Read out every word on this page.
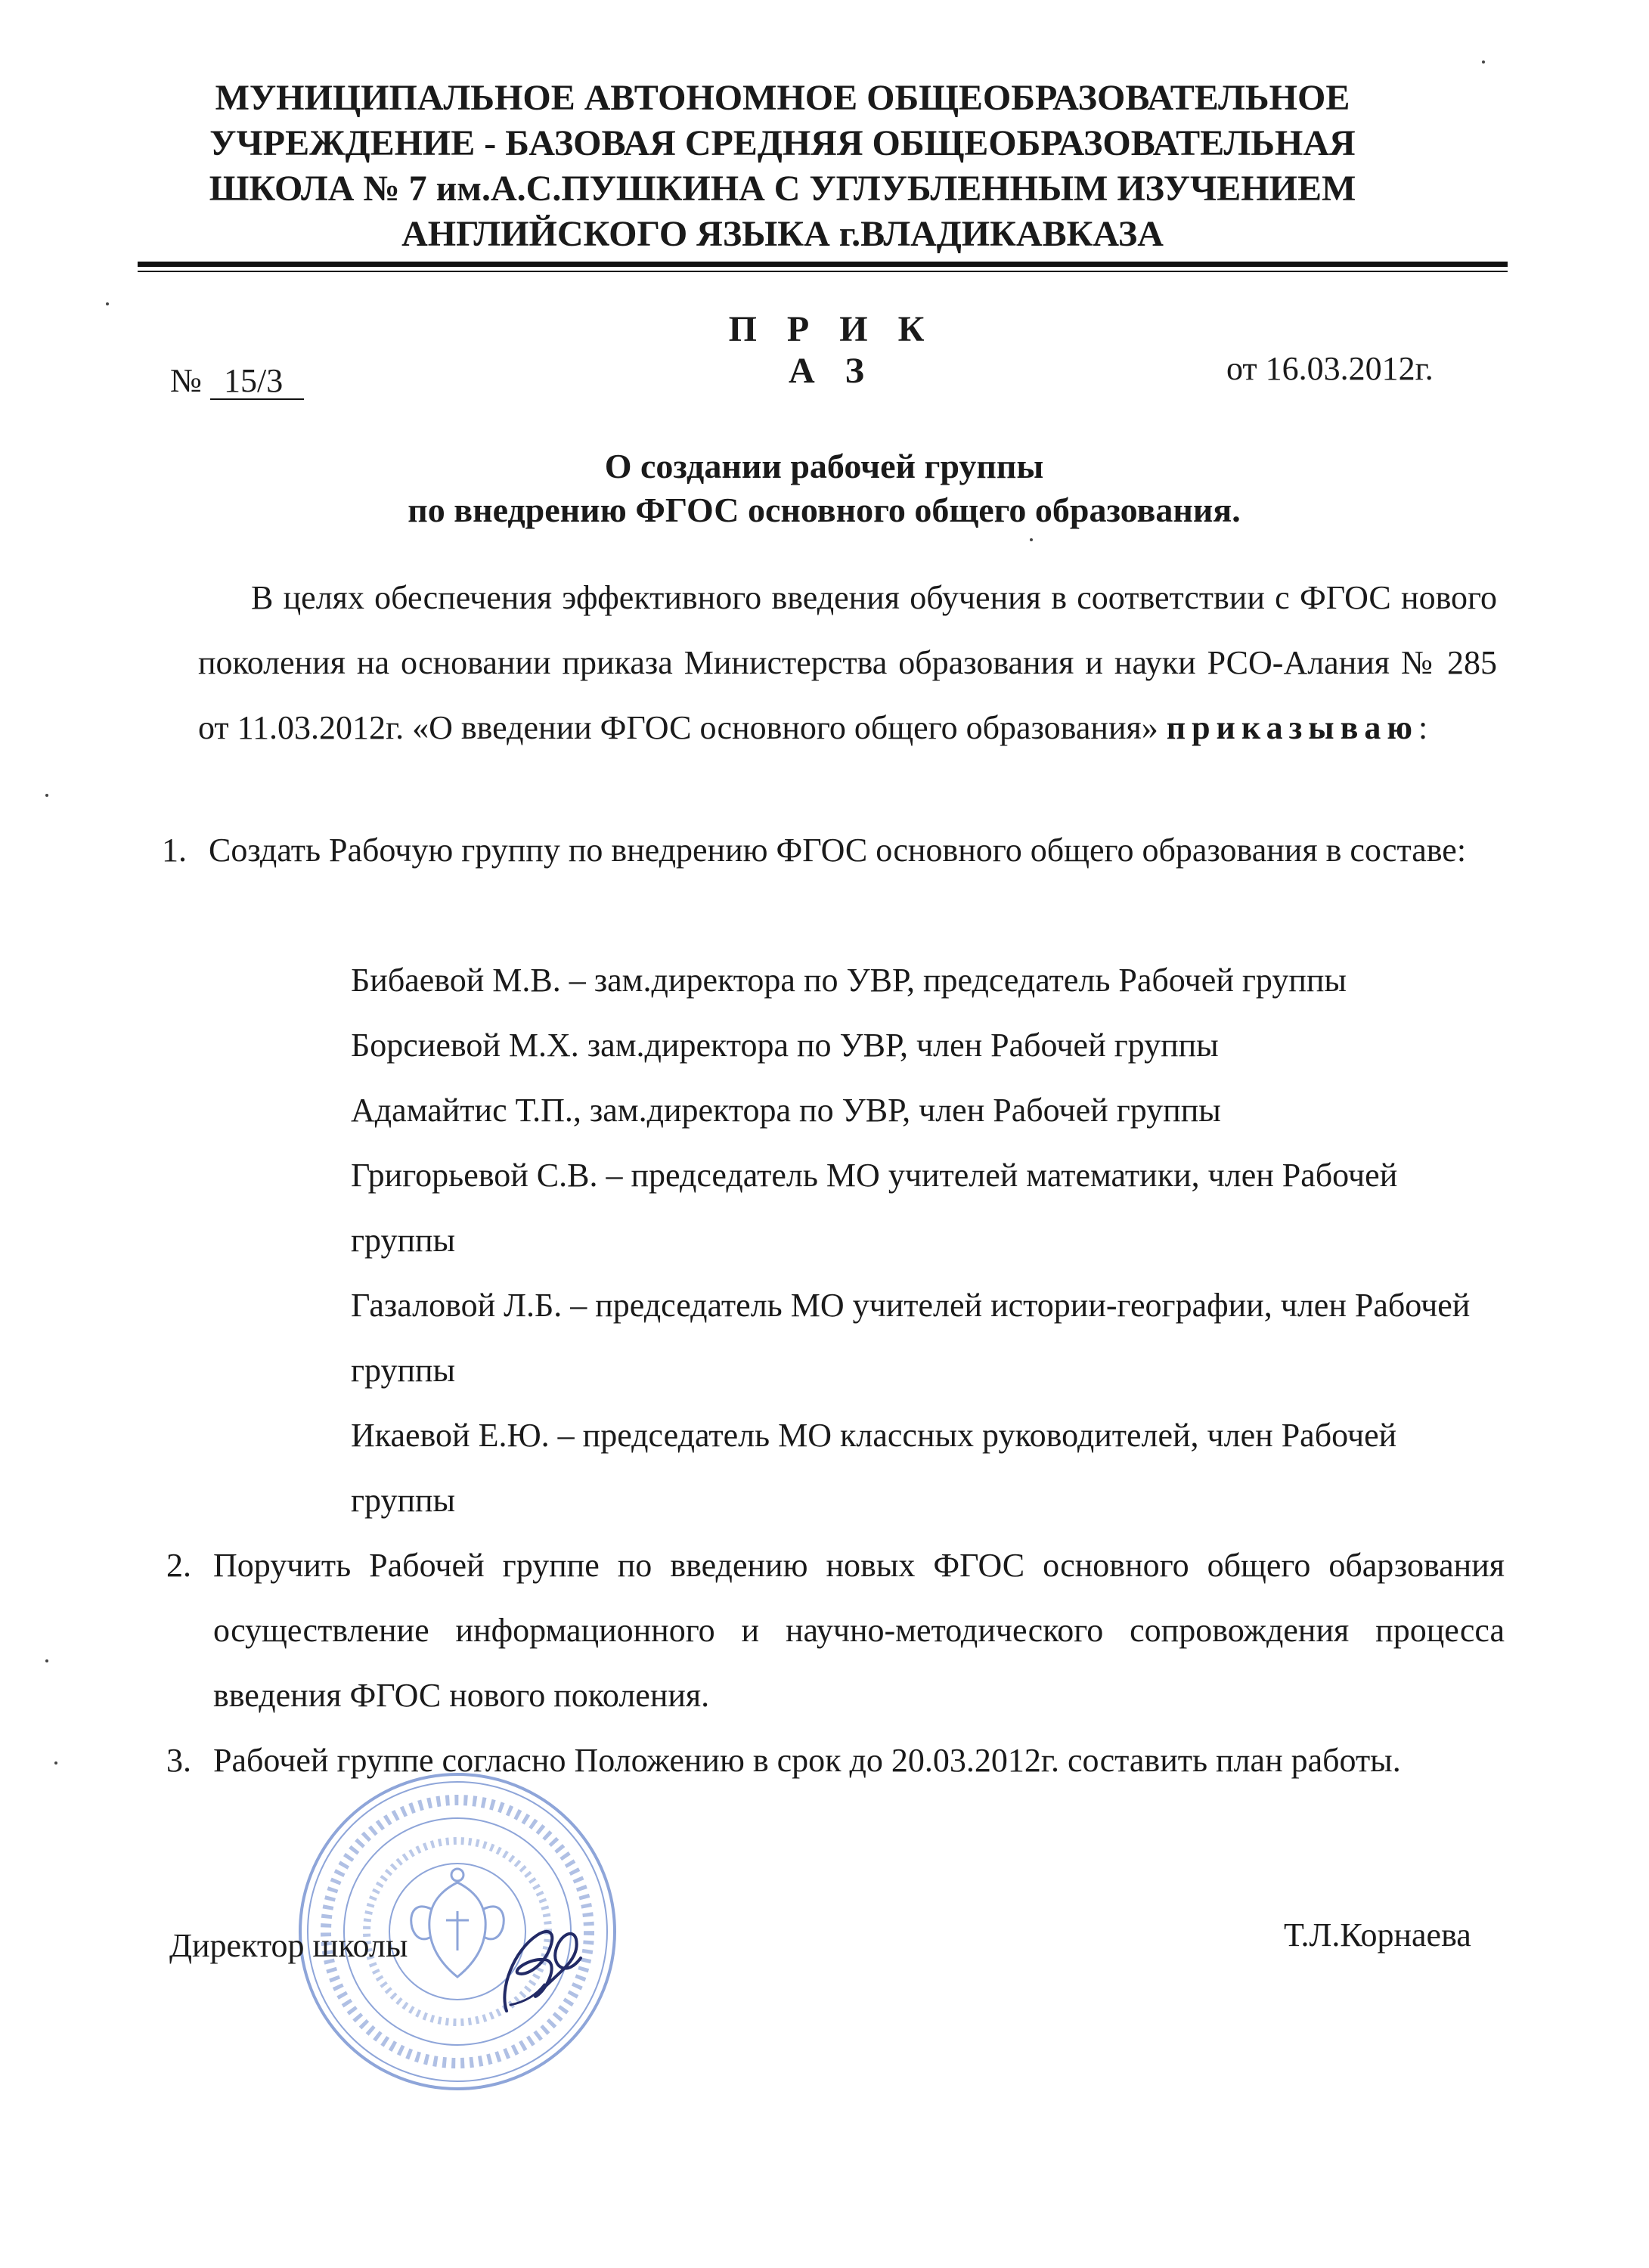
МУНИЦИПАЛЬНОЕ АВТОНОМНОЕ ОБЩЕОБРАЗОВАТЕЛЬНОЕ
УЧРЕЖДЕНИЕ - БАЗОВАЯ СРЕДНЯЯ ОБЩЕОБРАЗОВАТЕЛЬНАЯ
ШКОЛА № 7 им.А.С.ПУШКИНА С УГЛУБЛЕННЫМ ИЗУЧЕНИЕМ
АНГЛИЙСКОГО ЯЗЫКА г.ВЛАДИКАВКАЗА
П Р И К А З
№ 15/3	от 16.03.2012г.
О создании рабочей группы
по внедрению ФГОС основного общего образования.
В целях обеспечения эффективного введения обучения в соответствии с ФГОС нового поколения на основании приказа Министерства образования и науки РСО-Алания № 285 от 11.03.2012г. «О введении ФГОС основного общего образования» приказываю:
1. Создать Рабочую группу по внедрению ФГОС основного общего образования в составе:

Бибаевой М.В. – зам.директора по УВР, председатель Рабочей группы

Борсиевой М.Х. зам.директора по УВР, член Рабочей группы

Адамайтис Т.П., зам.директора по УВР, член Рабочей группы

Григорьевой С.В. – председатель МО учителей математики, член Рабочей группы

Газаловой Л.Б. – председатель МО учителей истории-географии, член Рабочей группы

Икаевой Е.Ю. – председатель МО классных руководителей, член Рабочей группы

2. Поручить Рабочей группе по введению новых ФГОС основного общего обарзования осуществление информационного и научно-методического сопровождения процесса введения ФГОС нового поколения.
3. Рабочей группе согласно Положению в срок до 20.03.2012г. составить план работы.
Директор школы	Т.Л.Корнаева
